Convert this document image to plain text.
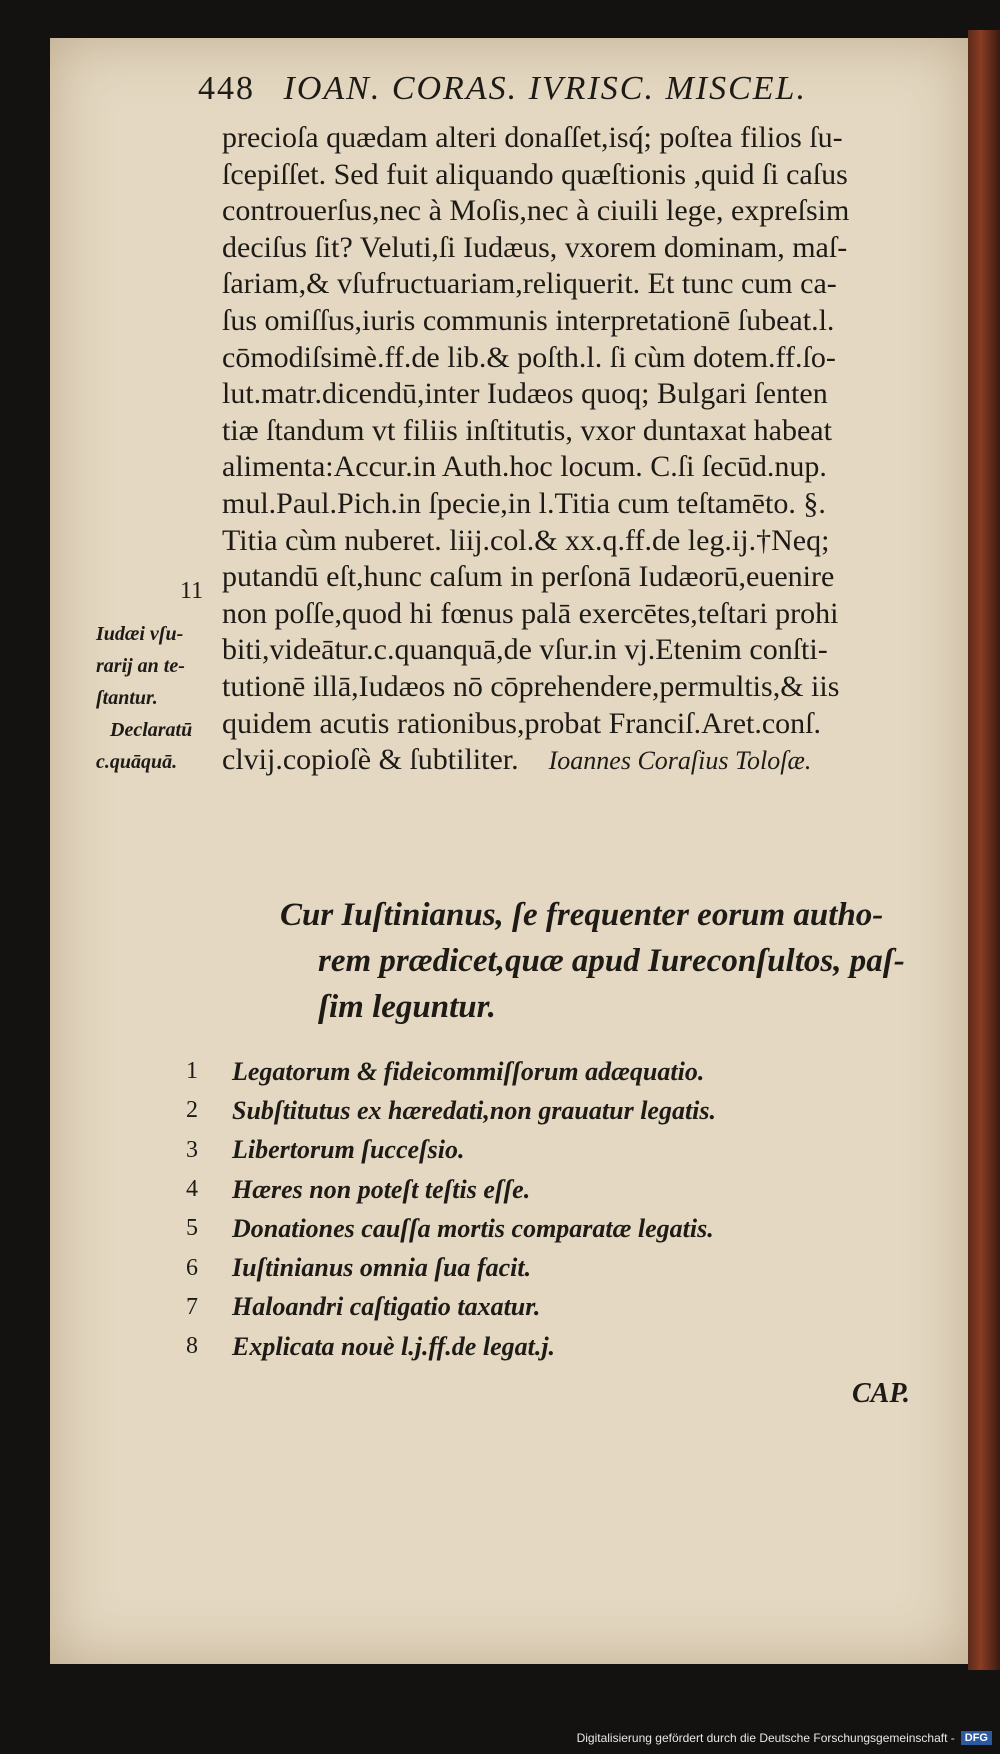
448 IOAN. CORAS. IVRISC. MISCEL.
precioſa quædam alteri donaſſet,isq́; poſtea filios ſu-
ſcepiſſet. Sed fuit aliquando quæſtionis ,quid ſi caſus
controuerſus,nec à Moſis,nec à ciuili lege, expreſsim
deciſus ſit? Veluti,ſi Iudæus, vxorem dominam, maſ-
ſariam,& vſufructuariam,reliquerit. Et tunc cum ca-
ſus omiſſus,iuris communis interpretationē ſubeat.l.
cōmodiſsimè.ff.de lib.& poſth.l. ſi cùm dotem.ff.ſo-
lut.matr.dicendū,inter Iudæos quoq; Bulgari ſenten
tiæ ſtandum vt filiis inſtitutis, vxor duntaxat habeat
alimenta:Accur.in Auth.hoc locum. C.ſi ſecūd.nup.
mul.Paul.Pich.in ſpecie,in l.Titia cum teſtamēto. §.
Titia cùm nuberet. liij.col.& xx.q.ff.de leg.ij.†Neq;
putandū eſt,hunc caſum in perſonā Iudæorū,euenire
non poſſe,quod hi fœnus palā exercētes,teſtari prohi
biti,videātur.c.quanquā,de vſur.in vj.Etenim conſti-
tutionē illā,Iudæos nō cōprehendere,permultis,& iis
quidem acutis rationibus,probat Franciſ.Aret.conſ.
clvij.copioſè & ſubtiliter. Ioannes Coraſius Toloſæ.
11
Iudæi vſu-
rarij an te-
ſtantur.
Declaratū
c.quāquā.
Cur Iuſtinianus, ſe frequenter eorum autho-
rem prædicet,quæ apud Iureconſultos, paſ-
ſim leguntur.
1	Legatorum & fideicommiſſorum adæquatio.
2	Subſtitutus ex hæredati,non grauatur legatis.
3	Libertorum ſucceſsio.
4	Hæres non poteſt teſtis eſſe.
5	Donationes cauſſa mortis comparatæ legatis.
6	Iuſtinianus omnia ſua facit.
7	Haloandri caſtigatio taxatur.
8	Explicata nouè l.j.ff.de legat.j.
CAP.
Digitalisierung gefördert durch die Deutsche Forschungsgemeinschaft - DFG
